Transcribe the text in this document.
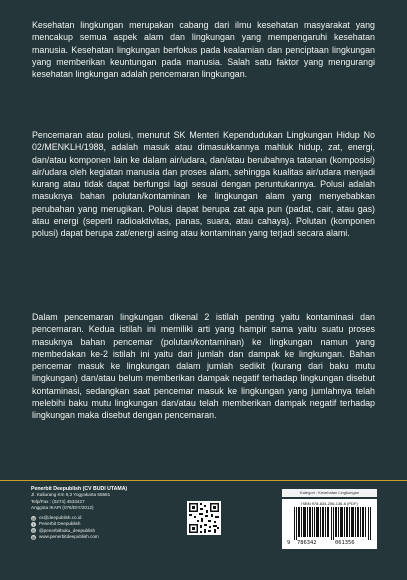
Kesehatan lingkungan merupakan cabang dari ilmu kesehatan masyarakat yang mencakup semua aspek alam dan lingkungan yang mempengaruhi kesehatan manusia. Kesehatan lingkungan berfokus pada kealamian dan penciptaan lingkungan yang memberikan keuntungan pada manusia. Salah satu faktor yang mengurangi kesehatan lingkungan adalah pencemaran lingkungan.

Pencemaran atau polusi, menurut SK Menteri Kependudukan Lingkungan Hidup No 02/MENKLH/1988, adalah masuk atau dimasukkannya mahluk hidup, zat, energi, dan/atau komponen lain ke dalam air/udara, dan/atau berubahnya tatanan (komposisi) air/udara oleh kegiatan manusia dan proses alam, sehingga kualitas air/udara menjadi kurang atau tidak dapat berfungsi lagi sesuai dengan peruntukannya. Polusi adalah masuknya bahan polutan/kontaminan ke lingkungan alam yang menyebabkan perubahan yang merugikan. Polusi dapat berupa zat apa pun (padat, cair, atau gas) atau energi (seperti radioaktivitas, panas, suara, atau cahaya). Polutan (komponen polusi) dapat berupa zat/energi asing atau kontaminan yang terjadi secara alami.

Dalam pencemaran lingkungan dikenal 2 istilah penting yaitu kontaminasi dan pencemaran. Kedua istilah ini memiliki arti yang hampir sama yaitu suatu proses masuknya bahan pencemar (polutan/kontaminan) ke lingkungan namun yang membedakan ke-2 istilah ini yaitu dari jumlah dan dampak ke lingkungan. Bahan pencemar masuk ke lingkungan dalam jumlah sedikit (kurang dari baku mutu lingkungan) dan/atau belum memberikan dampak negatif terhadap lingkungan disebut kontaminasi, sedangkan saat pencemar masuk ke lingkungan yang jumlahnya telah melebihi baku mutu lingkungan dan/atau telah memberikan dampak negatif terhadap lingkungan maka disebut dengan pencemaran.

Penerbit Deepublish (CV BUDI UTAMA)
Jl. Kaliurang Km 9,3 Yogyakarta 55581
Telp/Fax : (0274) 4533427
Anggota IKAPI (076/DIY/2012)
@ cs@deepublish.co.id
f	Penerbit Deepublish
◎ @penerbitbuku_deepublish
◍ www.penerbitdeepublish.com
Kategori : Kesehatan Lingkungan
ISBN 978-634-206-136-6 (PDF)
9 786342	061356
